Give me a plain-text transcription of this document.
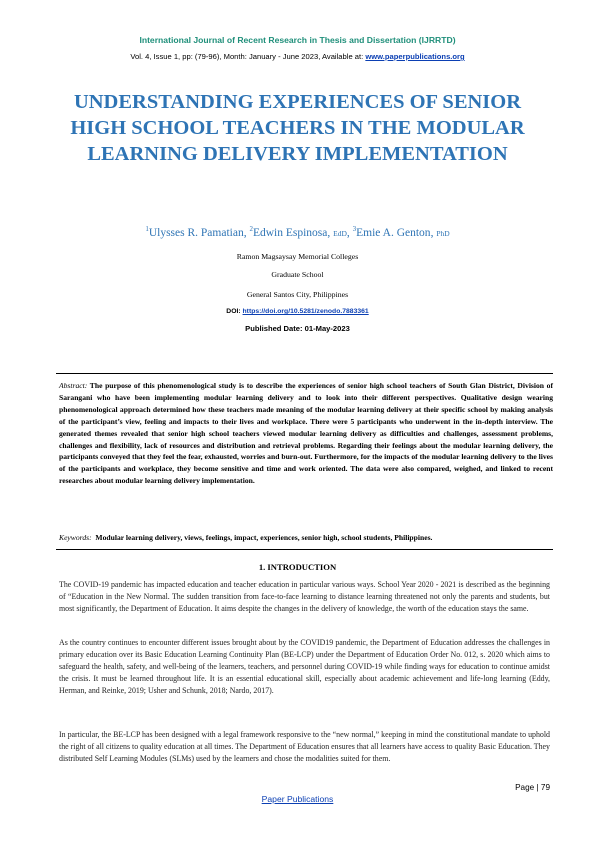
International Journal of Recent Research in Thesis and Dissertation (IJRRTD)
Vol. 4, Issue 1, pp: (79-96), Month: January - June 2023, Available at: www.paperpublications.org
UNDERSTANDING EXPERIENCES OF SENIOR HIGH SCHOOL TEACHERS IN THE MODULAR LEARNING DELIVERY IMPLEMENTATION
$^1$Ulysses R. Pamatian, $^2$Edwin Espinosa, EdD, $^3$Emie A. Genton, PhD
Ramon Magsaysay Memorial Colleges
Graduate School
General Santos City, Philippines
DOI: https://doi.org/10.5281/zenodo.7883361
Published Date: 01-May-2023

Abstract: The purpose of this phenomenological study is to describe the experiences of senior high school teachers of South Glan District, Division of Sarangani who have been implementing modular learning delivery and to look into their different perspectives. Qualitative design wearing phenomenological approach determined how these teachers made meaning of the modular learning delivery at their specific school by making analysis of the participant’s view, feeling and impacts to their lives and workplace. There were 5 participants who underwent in the in-depth interview. The generated themes revealed that senior high school teachers viewed modular learning delivery as difficulties and challenges, assessment problems, challenges and flexibility, lack of resources and distribution and retrieval problems. Regarding their feelings about the modular learning delivery, the participants conveyed that they feel the fear, exhausted, worries and burn-out. Furthermore, for the impacts of the modular learning delivery to the lives of the participants and workplace, they become sensitive and time and work oriented. The data were also compared, weighed, and linked to recent researches about modular learning delivery implementation.

Keywords: Modular learning delivery, views, feelings, impact, experiences, senior high, school students, Philippines.

1. INTRODUCTION

The COVID-19 pandemic has impacted education and teacher education in particular various ways. School Year 2020 - 2021 is described as the beginning of “Education in the New Normal. The sudden transition from face-to-face learning to distance learning threatened not only the parents and students, but most significantly, the Department of Education. It aims despite the changes in the delivery of knowledge, the worth of the education stays the same.

As the country continues to encounter different issues brought about by the COVID19 pandemic, the Department of Education addresses the challenges in primary education over its Basic Education Learning Continuity Plan (BE-LCP) under the Department of Education Order No. 012, s. 2020 which aims to safeguard the health, safety, and well-being of the learners, teachers, and personnel during COVID-19 while finding ways for education to continue amidst the crisis. It must be learned throughout life. It is an essential educational skill, especially about academic achievement and life-long learning (Eddy, Herman, and Reinke, 2019; Usher and Schunk, 2018; Nardo, 2017).

In particular, the BE-LCP has been designed with a legal framework responsive to the “new normal,” keeping in mind the constitutional mandate to uphold the right of all citizens to quality education at all times. The Department of Education ensures that all learners have access to quality Basic Education. They distributed Self Learning Modules (SLMs) used by the learners and chose the modalities suited for them.

Page | 79
Paper Publications
